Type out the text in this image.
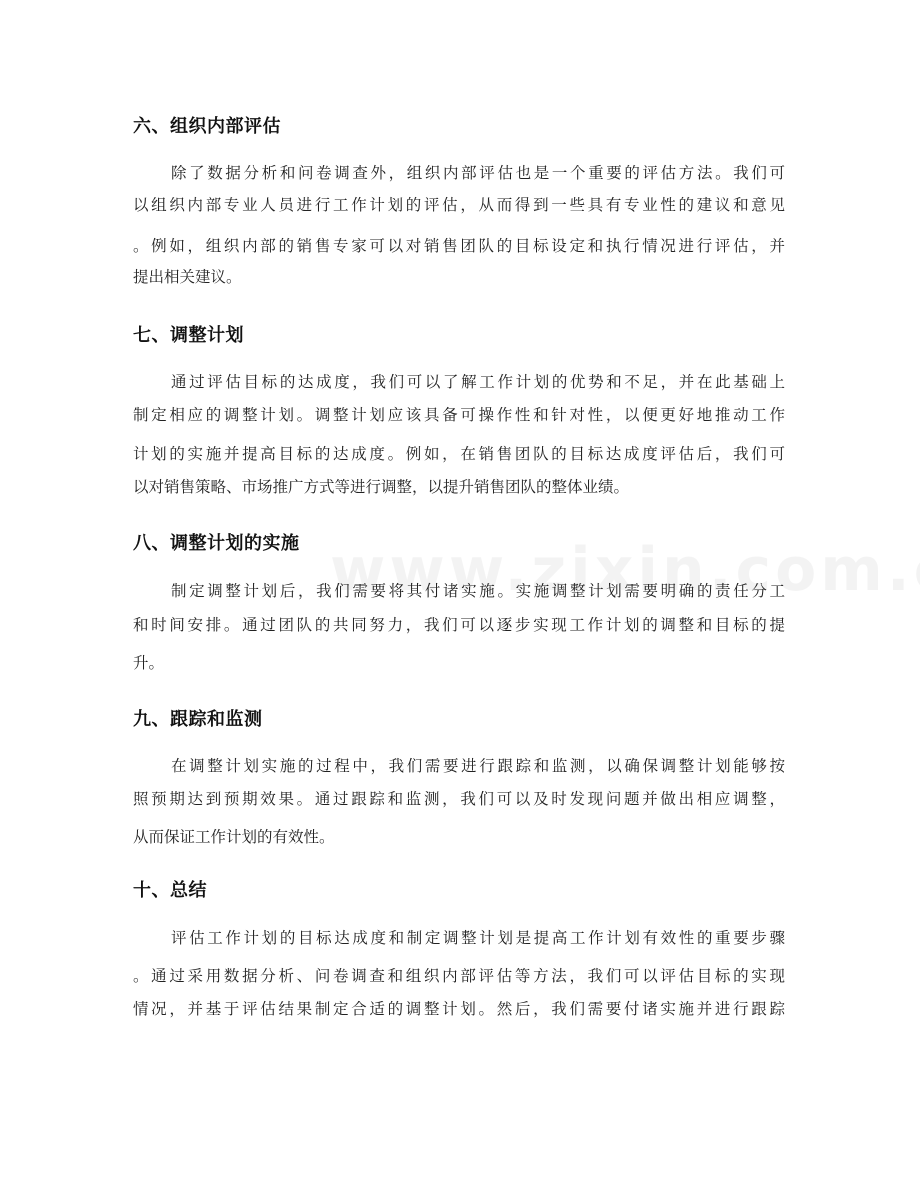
六、组织内部评估
除了数据分析和问卷调查外，组织内部评估也是一个重要的评估方法。我们可
以组织内部专业人员进行工作计划的评估，从而得到一些具有专业性的建议和意见
。例如，组织内部的销售专家可以对销售团队的目标设定和执行情况进行评估，并
提出相关建议。
七、调整计划
通过评估目标的达成度，我们可以了解工作计划的优势和不足，并在此基础上
制定相应的调整计划。调整计划应该具备可操作性和针对性，以便更好地推动工作
计划的实施并提高目标的达成度。例如，在销售团队的目标达成度评估后，我们可
以对销售策略、市场推广方式等进行调整，以提升销售团队的整体业绩。
八、调整计划的实施
制定调整计划后，我们需要将其付诸实施。实施调整计划需要明确的责任分工
和时间安排。通过团队的共同努力，我们可以逐步实现工作计划的调整和目标的提
升。
九、跟踪和监测
在调整计划实施的过程中，我们需要进行跟踪和监测，以确保调整计划能够按
照预期达到预期效果。通过跟踪和监测，我们可以及时发现问题并做出相应调整，
从而保证工作计划的有效性。
十、总结
评估工作计划的目标达成度和制定调整计划是提高工作计划有效性的重要步骤
。通过采用数据分析、问卷调查和组织内部评估等方法，我们可以评估目标的实现
情况，并基于评估结果制定合适的调整计划。然后，我们需要付诸实施并进行跟踪
